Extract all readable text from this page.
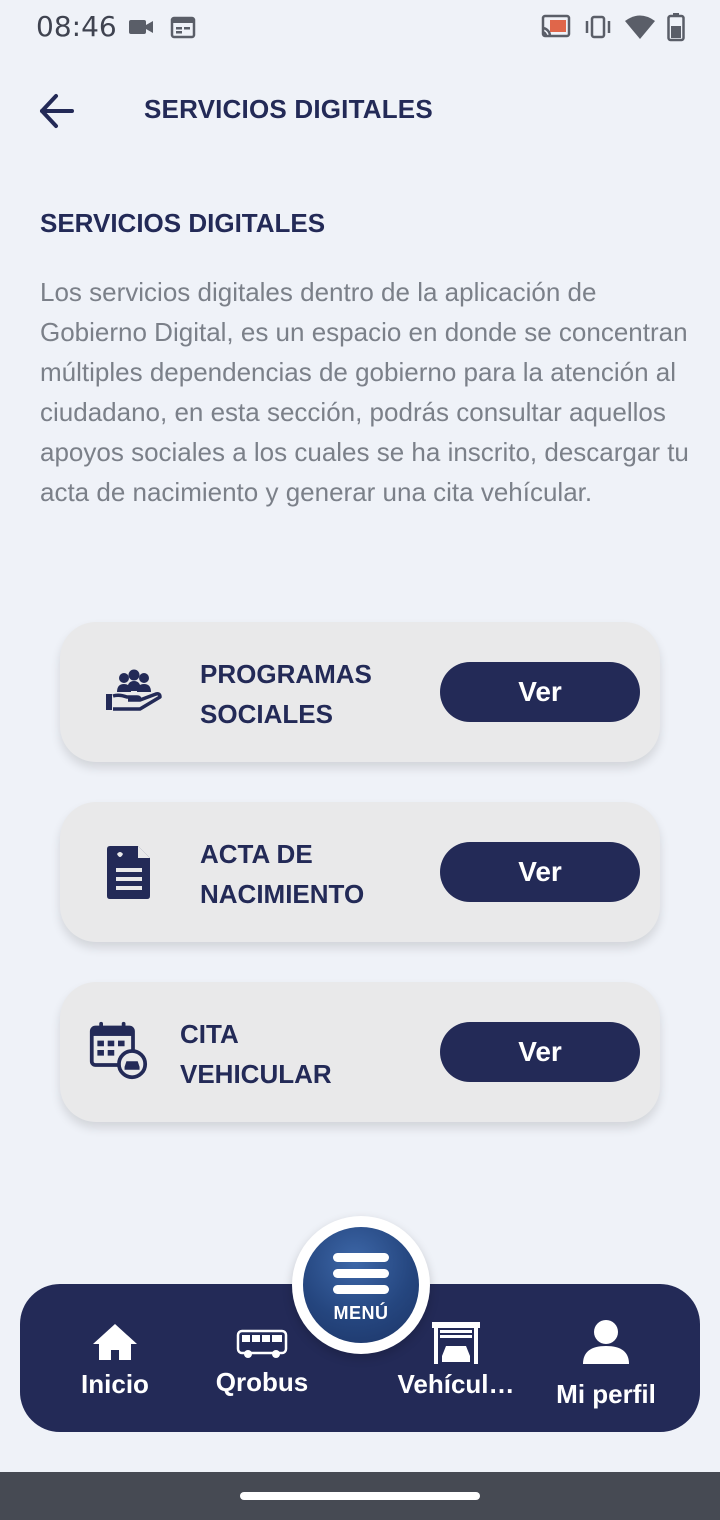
08:46
SERVICIOS DIGITALES
SERVICIOS DIGITALES
Los servicios digitales dentro de la aplicación de Gobierno Digital, es un espacio en donde se concentran múltiples dependencias de gobierno para la atención al ciudadano, en esta sección, podrás consultar aquellos apoyos sociales a los cuales se ha inscrito, descargar tu acta de nacimiento y generar una cita vehícular.
PROGRAMAS
SOCIALES
Ver
ACTA DE
NACIMIENTO
Ver
CITA
VEHICULAR
Ver
Inicio	Qrobus	Vehícul…	Mi perfil
MENÚ
